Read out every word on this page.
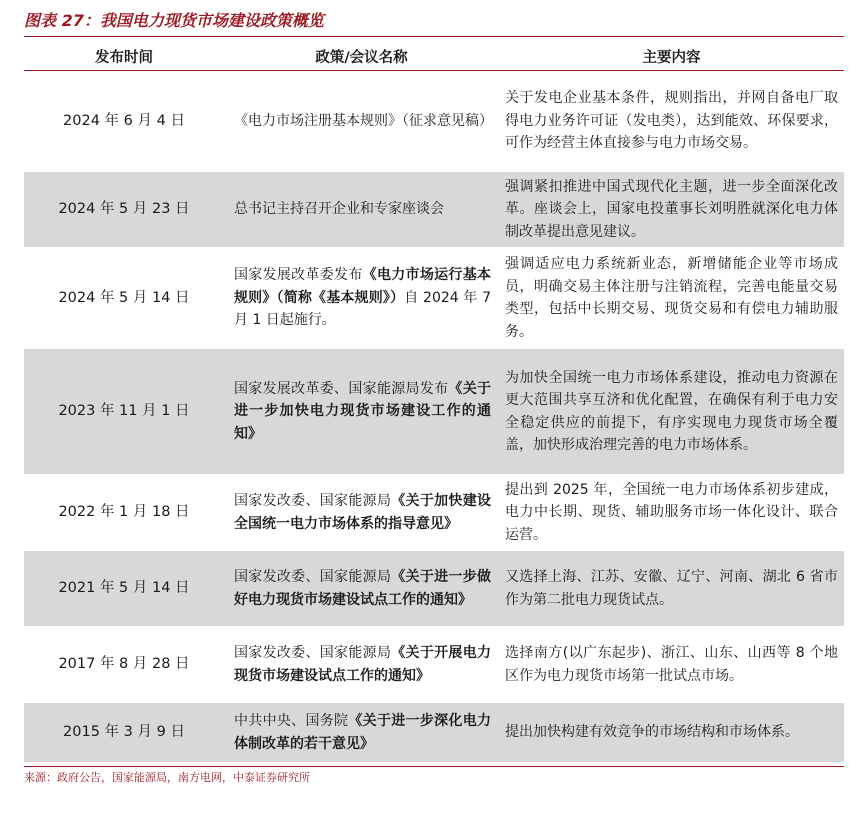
图表 27：我国电力现货市场建设政策概览
发布时间	政策/会议名称	主要内容
2024 年 6 月 4 日	《电力市场注册基本规则》（征求意见稿）	关于发电企业基本条件，规则指出，并网自备电厂取得电力业务许可证（发电类），达到能效、环保要求，可作为经营主体直接参与电力市场交易。
2024 年 5 月 23 日	总书记主持召开企业和专家座谈会	强调紧扣推进中国式现代化主题，进一步全面深化改革。座谈会上，国家电投董事长刘明胜就深化电力体制改革提出意见建议。
2024 年 5 月 14 日	国家发展改革委发布《电力市场运行基本规则》（简称《基本规则》）自 2024 年 7 月 1 日起施行。	强调适应电力系统新业态，新增储能企业等市场成员，明确交易主体注册与注销流程，完善电能量交易类型，包括中长期交易、现货交易和有偿电力辅助服务。
2023 年 11 月 1 日	国家发展改革委、国家能源局发布《关于进一步加快电力现货市场建设工作的通知》	为加快全国统一电力市场体系建设，推动电力资源在更大范围共享互济和优化配置，在确保有利于电力安全稳定供应的前提下，有序实现电力现货市场全覆盖，加快形成治理完善的电力市场体系。
2022 年 1 月 18 日	国家发改委、国家能源局《关于加快建设全国统一电力市场体系的指导意见》	提出到 2025 年，全国统一电力市场体系初步建成，电力中长期、现货、辅助服务市场一体化设计、联合运营。
2021 年 5 月 14 日	国家发改委、国家能源局《关于进一步做好电力现货市场建设试点工作的通知》	又选择上海、江苏、安徽、辽宁、河南、湖北 6 省市作为第二批电力现货试点。
2017 年 8 月 28 日	国家发改委、国家能源局《关于开展电力现货市场建设试点工作的通知》	选择南方(以广东起步)、浙江、山东、山西等 8 个地区作为电力现货市场第一批试点市场。
2015 年 3 月 9 日	中共中央、国务院《关于进一步深化电力体制改革的若干意见》	提出加快构建有效竞争的市场结构和市场体系。
来源：政府公告，国家能源局，南方电网，中泰证券研究所
